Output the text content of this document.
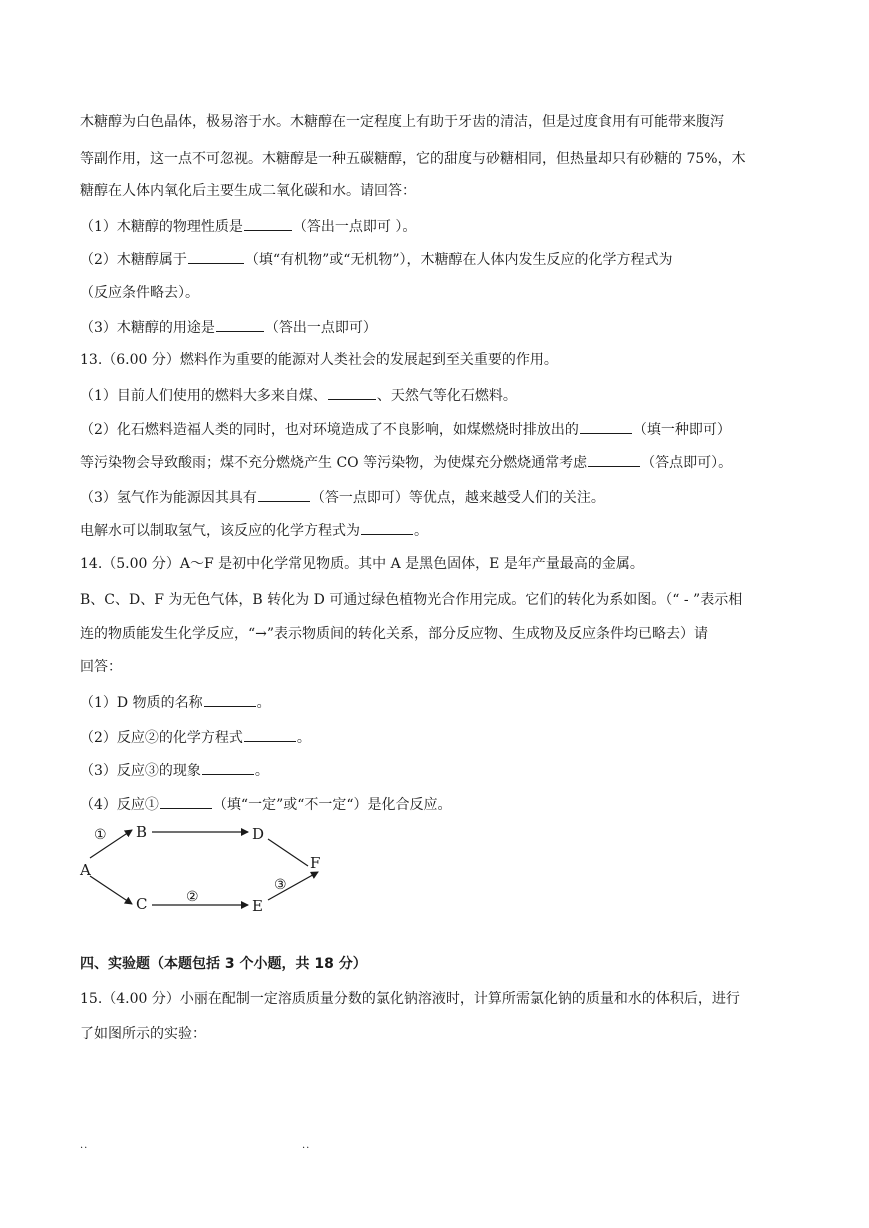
木糖醇为白色晶体，极易溶于水。木糖醇在一定程度上有助于牙齿的清洁，但是过度食用有可能带来腹泻
等副作用，这一点不可忽视。木糖醇是一种五碳糖醇，它的甜度与砂糖相同，但热量却只有砂糖的 75%，木
糖醇在人体内氧化后主要生成二氧化碳和水。请回答：
（1）木糖醇的物理性质是	（答出一点即可 ）。
（2）木糖醇属于	（填“有机物”或“无机物”），木糖醇在人体内发生反应的化学方程式为
（反应条件略去）。
（3）木糖醇的用途是	（答出一点即可）
13.（6.00 分）燃料作为重要的能源对人类社会的发展起到至关重要的作用。
（1）目前人们使用的燃料大多来自煤、	、天然气等化石燃料。
（2）化石燃料造福人类的同时，也对环境造成了不良影响，如煤燃烧时排放出的	（填一种即可）
等污染物会导致酸雨；煤不充分燃烧产生 CO 等污染物，为使煤充分燃烧通常考虑	（答点即可）。
（3）氢气作为能源因其具有	（答一点即可）等优点，越来越受人们的关注。
电解水可以制取氢气，该反应的化学方程式为	。
14.（5.00 分）A～F 是初中化学常见物质。其中 A 是黑色固体，E 是年产量最高的金属。
B、C、D、F 为无色气体，B 转化为 D 可通过绿色植物光合作用完成。它们的转化为系如图。（“ - ”表示相
连的物质能发生化学反应，“→”表示物质间的转化关系，部分反应物、生成物及反应条件均已略去）请
回答：
（1）D 物质的名称	。
（2）反应②的化学方程式	。
（3）反应③的现象	。
（4）反应①	（填“一定”或“不一定“）是化合反应。
A
B
C
D
E
F
①
②
③
四、实验题（本题包括 3 个小题，共 18 分）
15.（4.00 分）小丽在配制一定溶质质量分数的氯化钠溶液时，计算所需氯化钠的质量和水的体积后，进行
了如图所示的实验：
..	..
